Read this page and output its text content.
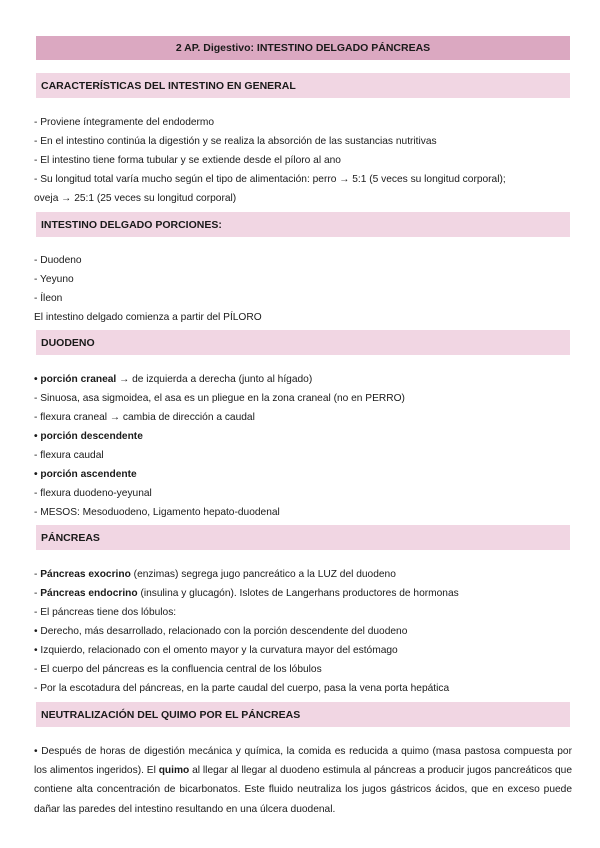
2 AP. Digestivo: INTESTINO DELGADO PÁNCREAS
CARACTERÍSTICAS DEL INTESTINO EN GENERAL
- Proviene íntegramente del endodermo
- En el intestino continúa la digestión y se realiza la absorción de las sustancias nutritivas
- El intestino tiene forma tubular y se extiende desde el píloro al ano
- Su longitud total varía mucho según el tipo de alimentación: perro → 5:1 (5 veces su longitud corporal);
oveja → 25:1 (25 veces su longitud corporal)
INTESTINO DELGADO PORCIONES:
- Duodeno
- Yeyuno
- Íleon
El intestino delgado comienza a partir del PÍLORO
DUODENO
• porción craneal → de izquierda a derecha (junto al hígado)
- Sinuosa, asa sigmoidea, el asa es un pliegue en la zona craneal (no en PERRO)
- flexura craneal → cambia de dirección a caudal
• porción descendente
- flexura caudal
• porción ascendente
- flexura duodeno-yeyunal
- MESOS: Mesoduodeno, Ligamento hepato-duodenal
PÁNCREAS
- Páncreas exocrino (enzimas) segrega jugo pancreático a la LUZ del duodeno
- Páncreas endocrino (insulina y glucagón). Islotes de Langerhans productores de hormonas
- El páncreas tiene dos lóbulos:
• Derecho, más desarrollado, relacionado con la porción descendente del duodeno
• Izquierdo, relacionado con el omento mayor y la curvatura mayor del estómago
- El cuerpo del páncreas es la confluencia central de los lóbulos
- Por la escotadura del páncreas, en la parte caudal del cuerpo, pasa la vena porta hepática
NEUTRALIZACIÓN DEL QUIMO POR EL PÁNCREAS
• Después de horas de digestión mecánica y química, la comida es reducida a quimo (masa pastosa compuesta por los alimentos ingeridos). El quimo al llegar al llegar al duodeno estimula al páncreas a producir jugos pancreáticos que contiene alta concentración de bicarbonatos. Este fluido neutraliza los jugos gástricos ácidos, que en exceso puede dañar las paredes del intestino resultando en una úlcera duodenal.
